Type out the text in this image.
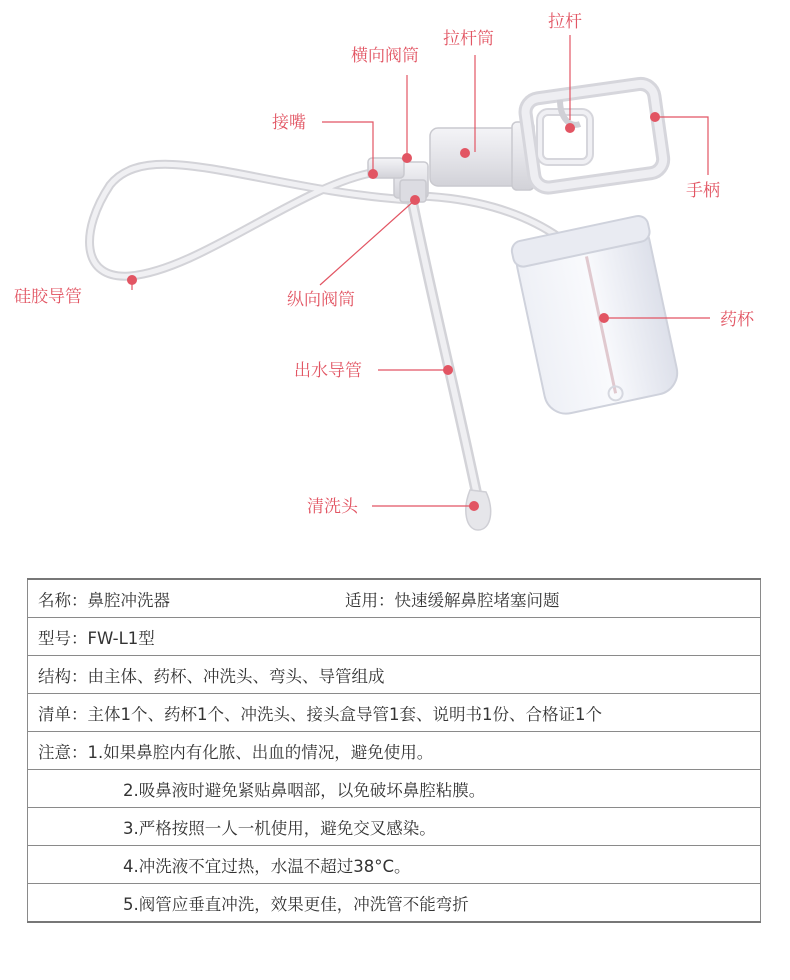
横向阀筒
拉杆筒
拉杆
接嘴
手柄
硅胶导管	纵向阀筒
药杯
出水导管
清洗头
名称：鼻腔冲洗器	适用：快速缓解鼻腔堵塞问题

型号：FW-L1型
结构：由主体、药杯、冲洗头、弯头、导管组成
清单：主体1个、药杯1个、冲洗头、接头盒导管1套、说明书1份、合格证1个
注意：1.如果鼻腔内有化脓、出血的情况，避免使用。
2.吸鼻液时避免紧贴鼻咽部，以免破坏鼻腔粘膜。
3.严格按照一人一机使用，避免交叉感染。
4.冲洗液不宜过热，水温不超过38°C。
5.阀管应垂直冲洗，效果更佳，冲洗管不能弯折
